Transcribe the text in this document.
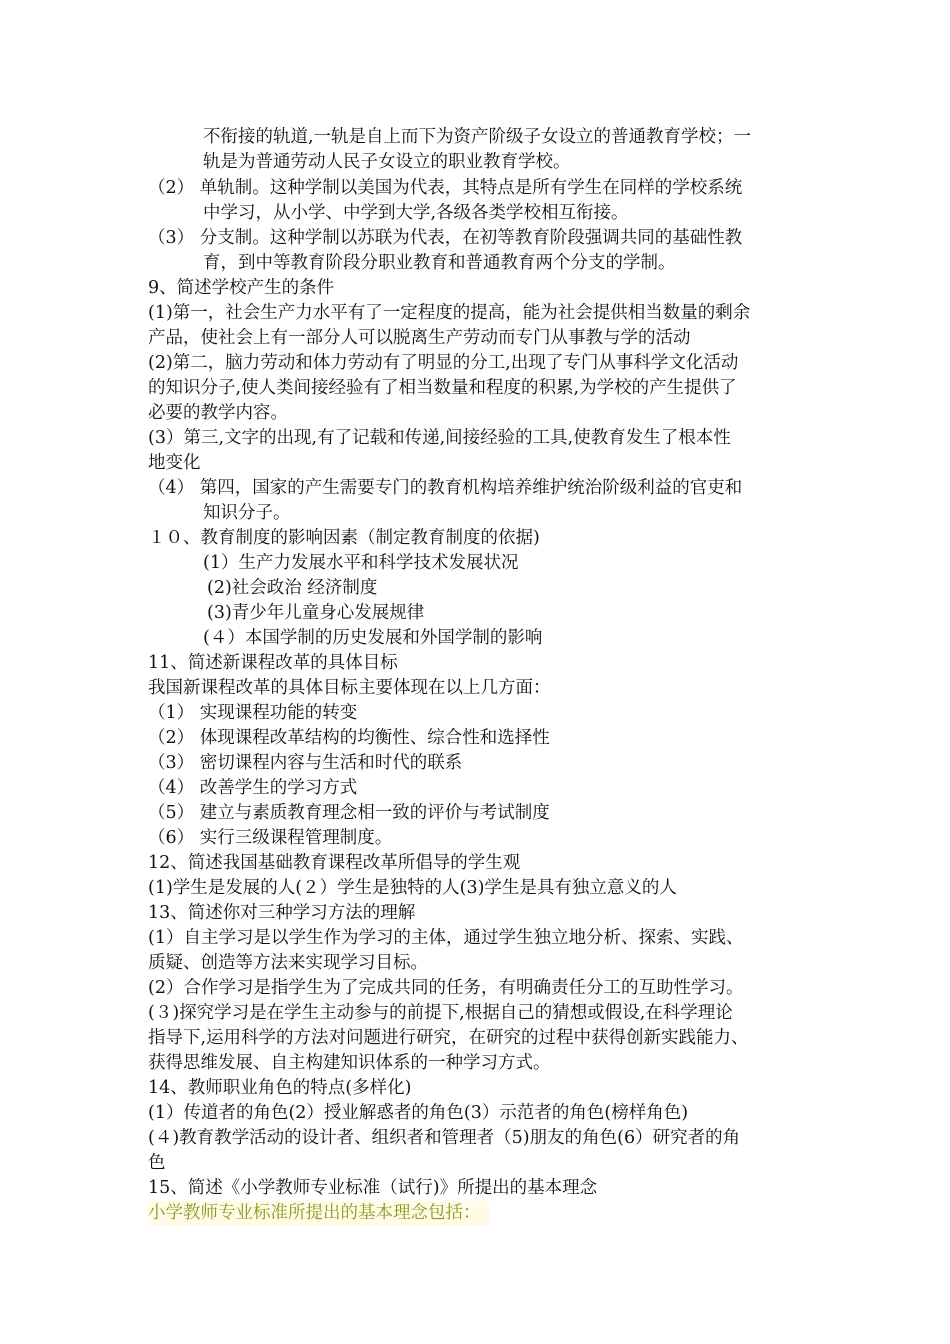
不衔接的轨道,一轨是自上而下为资产阶级子女设立的普通教育学校；一
轨是为普通劳动人民子女设立的职业教育学校。
（2） 单轨制。这种学制以美国为代表，其特点是所有学生在同样的学校系统
中学习，从小学、中学到大学,各级各类学校相互衔接。
（3） 分支制。这种学制以苏联为代表，在初等教育阶段强调共同的基础性教
育，到中等教育阶段分职业教育和普通教育两个分支的学制。
9、简述学校产生的条件
(1)第一，社会生产力水平有了一定程度的提高，能为社会提供相当数量的剩余
产品，使社会上有一部分人可以脱离生产劳动而专门从事教与学的活动
(2)第二，脑力劳动和体力劳动有了明显的分工,出现了专门从事科学文化活动
的知识分子,使人类间接经验有了相当数量和程度的积累,为学校的产生提供了
必要的教学内容。
(3）第三,文字的出现,有了记载和传递,间接经验的工具,使教育发生了根本性
地变化
（4） 第四，国家的产生需要专门的教育机构培养维护统治阶级利益的官吏和
知识分子。
１０、教育制度的影响因素（制定教育制度的依据)
(1）生产力发展水平和科学技术发展状况
(2)社会政治 经济制度
(3)青少年儿童身心发展规律
(４）本国学制的历史发展和外国学制的影响
11、简述新课程改革的具体目标
我国新课程改革的具体目标主要体现在以上几方面：
（1） 实现课程功能的转变
（2） 体现课程改革结构的均衡性、综合性和选择性
（3） 密切课程内容与生活和时代的联系
（4） 改善学生的学习方式
（5） 建立与素质教育理念相一致的评价与考试制度
（6） 实行三级课程管理制度。
12、简述我国基础教育课程改革所倡导的学生观
(1)学生是发展的人(２）学生是独特的人(3)学生是具有独立意义的人
13、简述你对三种学习方法的理解
(1）自主学习是以学生作为学习的主体，通过学生独立地分析、探索、实践、
质疑、创造等方法来实现学习目标。
(2）合作学习是指学生为了完成共同的任务，有明确责任分工的互助性学习。
(３)探究学习是在学生主动参与的前提下,根据自己的猜想或假设,在科学理论
指导下,运用科学的方法对问题进行研究，在研究的过程中获得创新实践能力、
获得思维发展、自主构建知识体系的一种学习方式。
14、教师职业角色的特点(多样化)
(1）传道者的角色(2）授业解惑者的角色(3）示范者的角色(榜样角色)
(４)教育教学活动的设计者、组织者和管理者（5)朋友的角色(6）研究者的角
色
15、简述《小学教师专业标准（试行)》所提出的基本理念
小学教师专业标准所提出的基本理念包括：
